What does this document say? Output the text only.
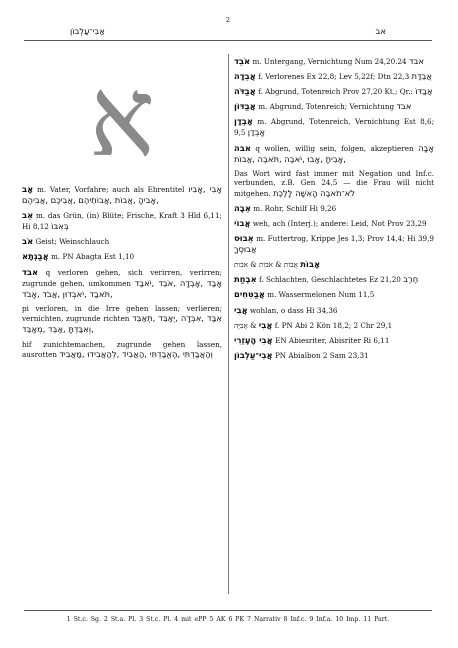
2
אַבִי־עַלְבוֹן	אב
א

אָב m. Vater, Vorfahre; auch als Ehrentitel אָבִי ,אָבִיו ,אָבִיהָ ,אֲבוֹת ,אֲבוֹתֵיהֶם ,אֲבִיכֶם ,אֲבִיהֶם

אֵב m. das Grün, (in) Blüte; Frische, Kraft 3 Hld 6,11; Hi 8,12 בְּאִבּוֹ

אֹב Geist; Weinschlauch

אֲבַגְתָא m. PN Abagta Est 1,10

אבד q verloren gehen, sich verirren, verirren; zugrunde gehen, umkommen אָבַד ,אָבְדָה ,אֹבֵד ,יֹאבַד ,תֹּאבַד ,יֹאבְדוּן ,אֲבֹד ,אָבֹד

pi verloren, in die Irre gehen lassen; verlieren; vernichten, zugrunde richten אִבַּד ,אִבְּדָה ,יְאַבֵּד ,תְּאַבֵּד ,וְאִבַּדְתָּ ,אַבֵּד ,מְאַבֵּד

hif zunichtemachen, zugrunde gehen lassen, ausrotten וְהַאֲבַדְתִּי ,הֶאֱבַדְתִּי ,הַאֲבִיד ,לְהַאֲבִידוּ ,מַאֲבִיד

אֹבֵד m. Untergang, Vernichtung Num 24,20.24 אבד

אֲבֵדָה f. Verlorenes Ex 22,8; Lev 5,22f; Dtn 22,3 אֲבֵדַת

אֲבַדֹּה f. Abgrund, Totenreich Prov 27,20 Kt.; Qr.: אֲבַדּוֹ

אֲבַדּוֹן m. Abgrund, Totenreich; Vernichtung אבד

אָבְדָן m. Abgrund, Totenreich, Vernichtung Est 8,6; 9,5 אָבְדַן

אבה q wollen, willig sein, folgen, akzeptieren אָבָה ,אָבִיתָ ,אָבוּ ,יֹאבֶה ,תֹּאבֶה ,אֲבוֹת

Das Wort wird fast immer mit Negation und Inf.c. verbunden, z.B. Gen 24,5 — die Frau will nicht mitgehen. לֹא־תֹאבֶה הָאִשָּׁה לָלֶכֶת

אֵבֶה m. Rohr, Schilf Hi 9,26

אֲבוֹי weh, ach (Interj.); andere: Leid, Not Prov 23,29

אֵבוּס m. Futtertrog, Krippe Jes 1,3; Prov 14,4; Hi 39,9 אֲבוּסֶךָ

אָבוֹת אֲבוֹת & אֹבוֹת & אבות

אִבְחַת f. Schlachten, Geschlachtetes Ez 21,20 חֶרֶב

אֲבַטִּחִים m. Wassermelonen Num 11,5

אֲבִי wohlan, o dass Hi 34,36

אֲבִי & אֲבִיָּה f. PN Abi 2 Kön 18,2; 2 Chr 29,1

אֲבִי הָעֶזְרִי EN Abiesriter, Abisriter Ri 6,11

אֲבִי־עַלְבוֹן PN Abialbon 2 Sam 23,31

1 St.c. Sg. 2 St.a. Pl. 3 St.c. Pl. 4 mit ePP 5 AK 6 PK 7 Narrativ 8 Inf.c. 9 Inf.a. 10 Imp. 11 Part.
